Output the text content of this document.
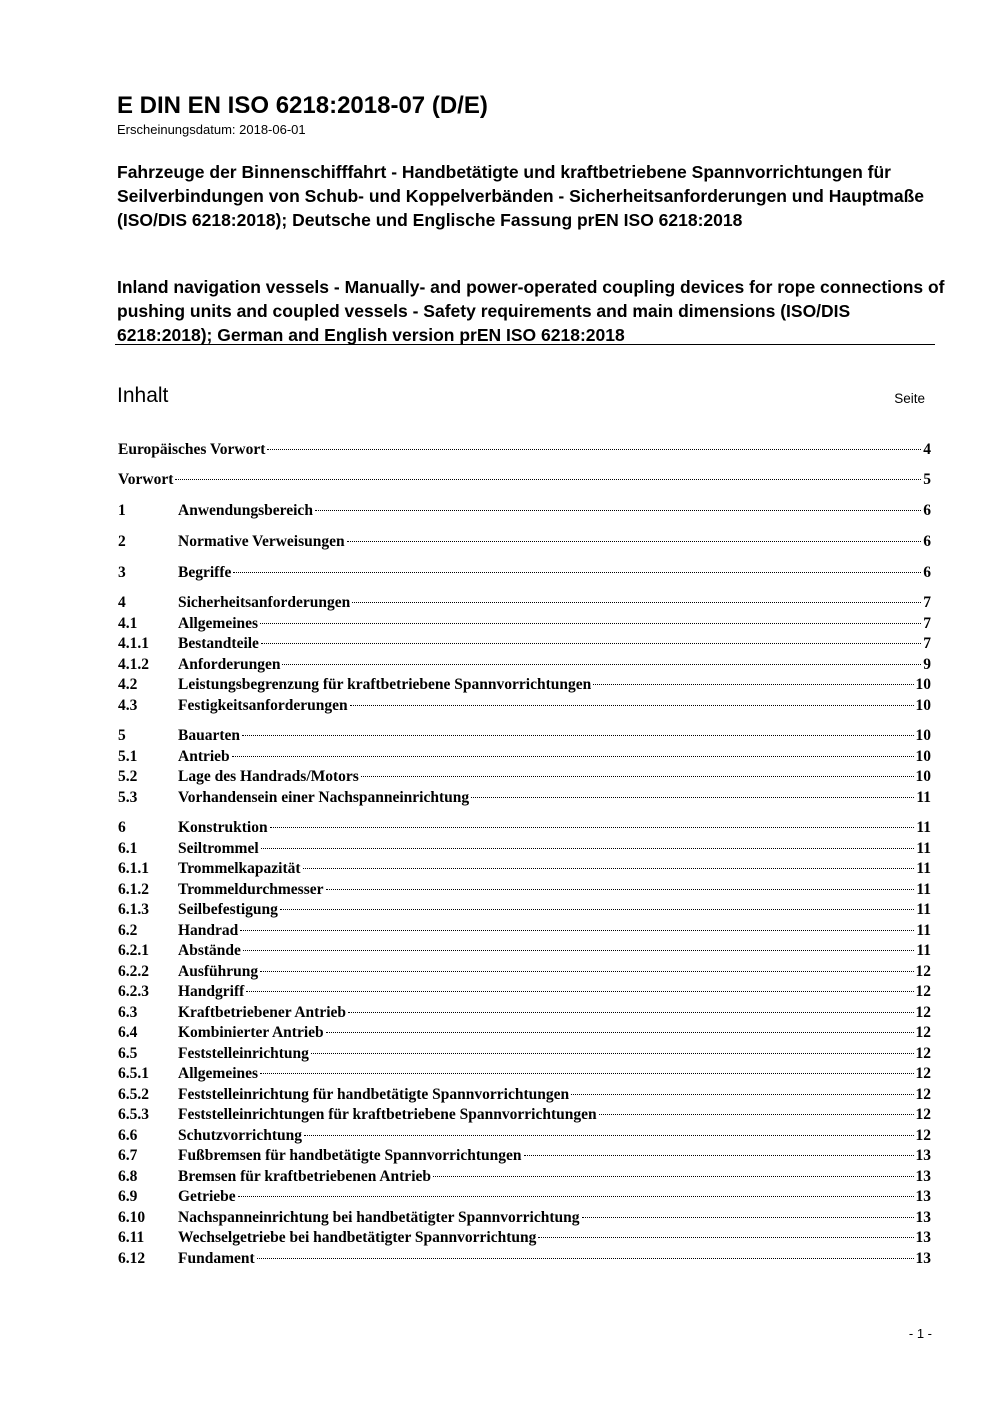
E DIN EN ISO 6218:2018-07 (D/E)
Erscheinungsdatum: 2018-06-01

Fahrzeuge der Binnenschifffahrt - Handbetätigte und kraftbetriebene Spannvorrichtungen für Seilverbindungen von Schub- und Koppelverbänden - Sicherheitsanforderungen und Hauptmaße (ISO/DIS 6218:2018); Deutsche und Englische Fassung prEN ISO 6218:2018

Inland navigation vessels - Manually- and power-operated coupling devices for rope connections of pushing units and coupled vessels - Safety requirements and main dimensions (ISO/DIS 6218:2018); German and English version prEN ISO 6218:2018

Inhalt	Seite
Europäisches Vorwort	4
Vorwort	5
1	Anwendungsbereich	6
2	Normative Verweisungen	6
3	Begriffe	6
4	Sicherheitsanforderungen	7
4.1	Allgemeines	7
4.1.1	Bestandteile	7
4.1.2	Anforderungen	9
4.2	Leistungsbegrenzung für kraftbetriebene Spannvorrichtungen	10
4.3	Festigkeitsanforderungen	10
5	Bauarten	10
5.1	Antrieb	10
5.2	Lage des Handrads/Motors	10
5.3	Vorhandensein einer Nachspanneinrichtung	11
6	Konstruktion	11
6.1	Seiltrommel	11
6.1.1	Trommelkapazität	11
6.1.2	Trommeldurchmesser	11
6.1.3	Seilbefestigung	11
6.2	Handrad	11
6.2.1	Abstände	11
6.2.2	Ausführung	12
6.2.3	Handgriff	12
6.3	Kraftbetriebener Antrieb	12
6.4	Kombinierter Antrieb	12
6.5	Feststelleinrichtung	12
6.5.1	Allgemeines	12
6.5.2	Feststelleinrichtung für handbetätigte Spannvorrichtungen	12
6.5.3	Feststelleinrichtungen für kraftbetriebene Spannvorrichtungen	12
6.6	Schutzvorrichtung	12
6.7	Fußbremsen für handbetätigte Spannvorrichtungen	13
6.8	Bremsen für kraftbetriebenen Antrieb	13
6.9	Getriebe	13
6.10	Nachspanneinrichtung bei handbetätigter Spannvorrichtung	13
6.11	Wechselgetriebe bei handbetätigter Spannvorrichtung	13
6.12	Fundament	13
- 1 -
